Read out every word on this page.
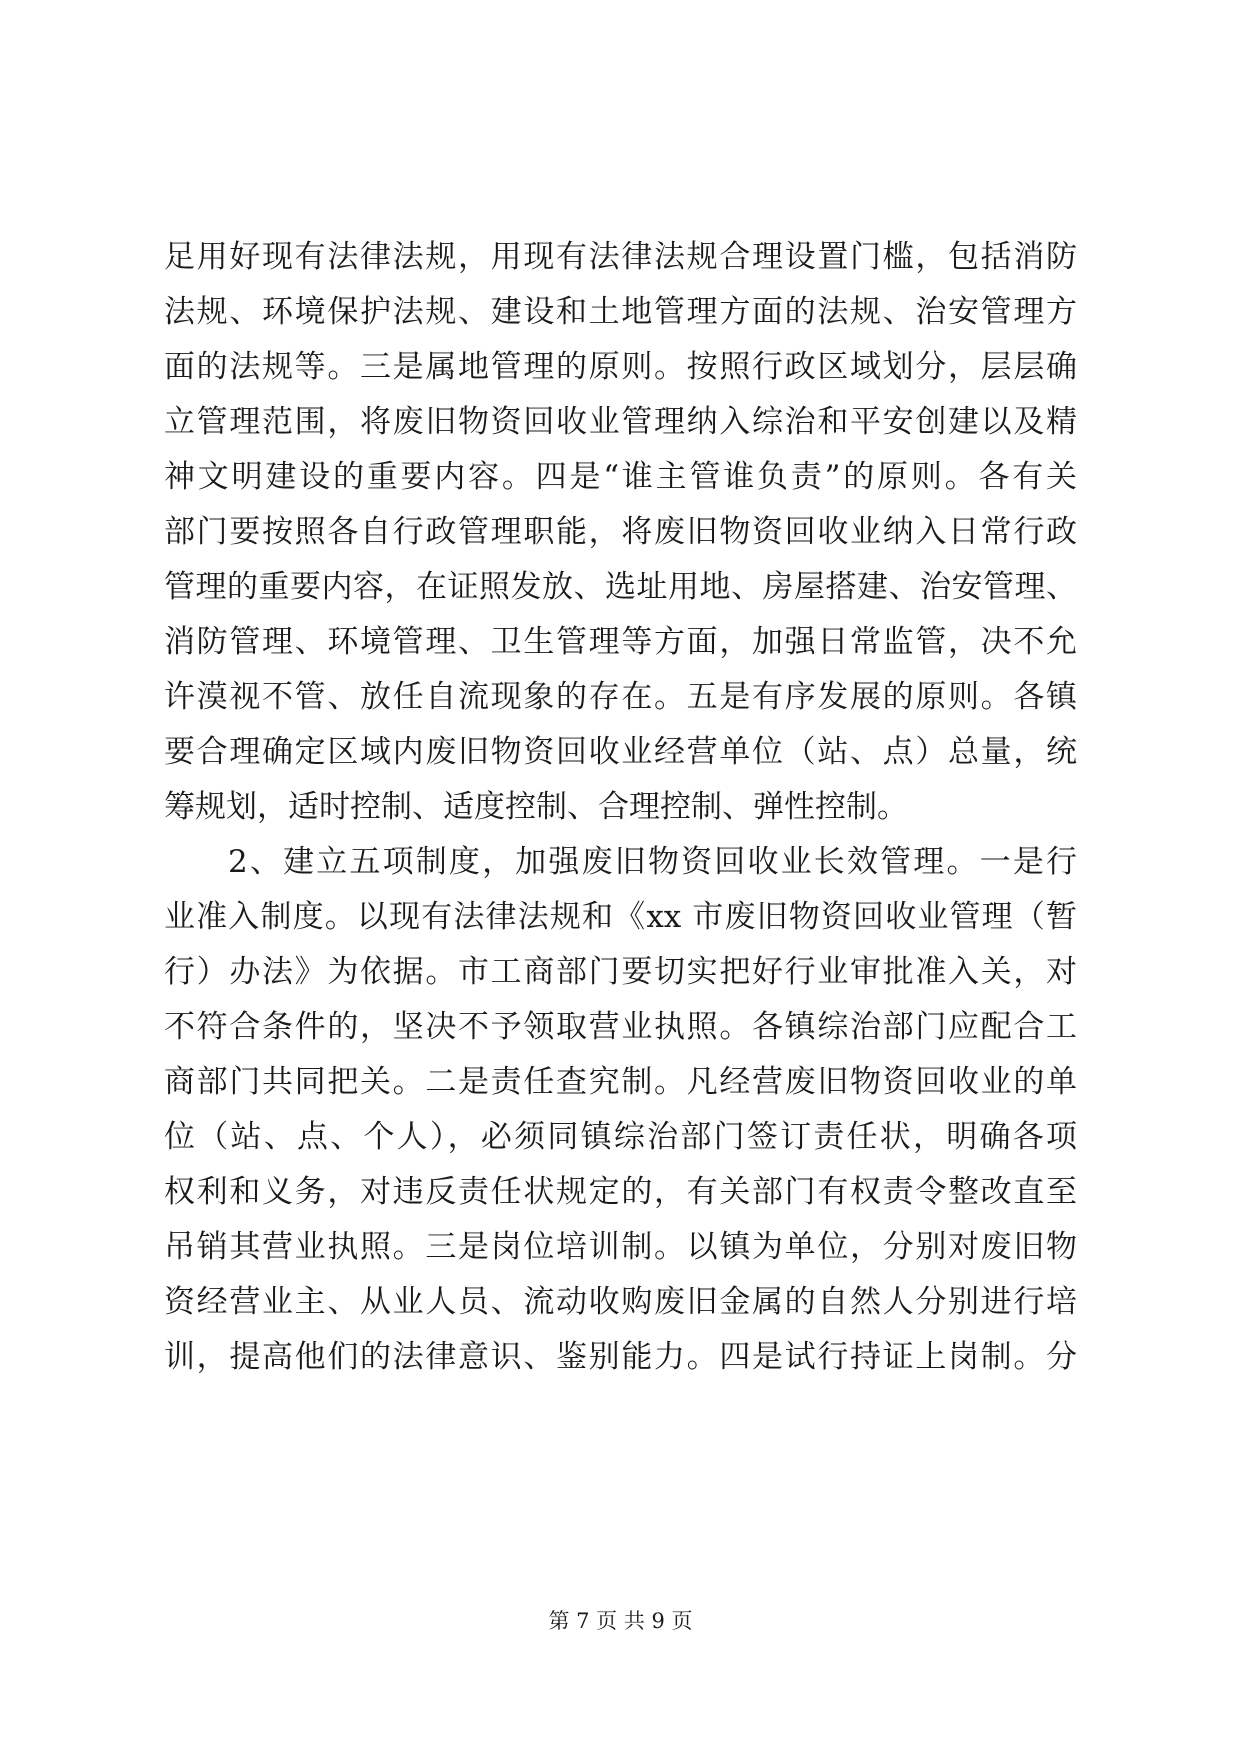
足用好现有法律法规，用现有法律法规合理设置门槛，包括消防
法规、环境保护法规、建设和土地管理方面的法规、治安管理方
面的法规等。三是属地管理的原则。按照行政区域划分，层层确
立管理范围，将废旧物资回收业管理纳入综治和平安创建以及精
神文明建设的重要内容。四是“谁主管谁负责”的原则。各有关
部门要按照各自行政管理职能，将废旧物资回收业纳入日常行政
管理的重要内容，在证照发放、选址用地、房屋搭建、治安管理、
消防管理、环境管理、卫生管理等方面，加强日常监管，决不允
许漠视不管、放任自流现象的存在。五是有序发展的原则。各镇
要合理确定区域内废旧物资回收业经营单位（站、点）总量，统
筹规划，适时控制、适度控制、合理控制、弹性控制。
2、建立五项制度，加强废旧物资回收业长效管理。一是行
业准入制度。以现有法律法规和《xx 市废旧物资回收业管理（暂
行）办法》为依据。市工商部门要切实把好行业审批准入关，对
不符合条件的，坚决不予领取营业执照。各镇综治部门应配合工
商部门共同把关。二是责任查究制。凡经营废旧物资回收业的单
位（站、点、个人），必须同镇综治部门签订责任状，明确各项
权利和义务，对违反责任状规定的，有关部门有权责令整改直至
吊销其营业执照。三是岗位培训制。以镇为单位，分别对废旧物
资经营业主、从业人员、流动收购废旧金属的自然人分别进行培
训，提高他们的法律意识、鉴别能力。四是试行持证上岗制。分
第 7 页 共 9 页
